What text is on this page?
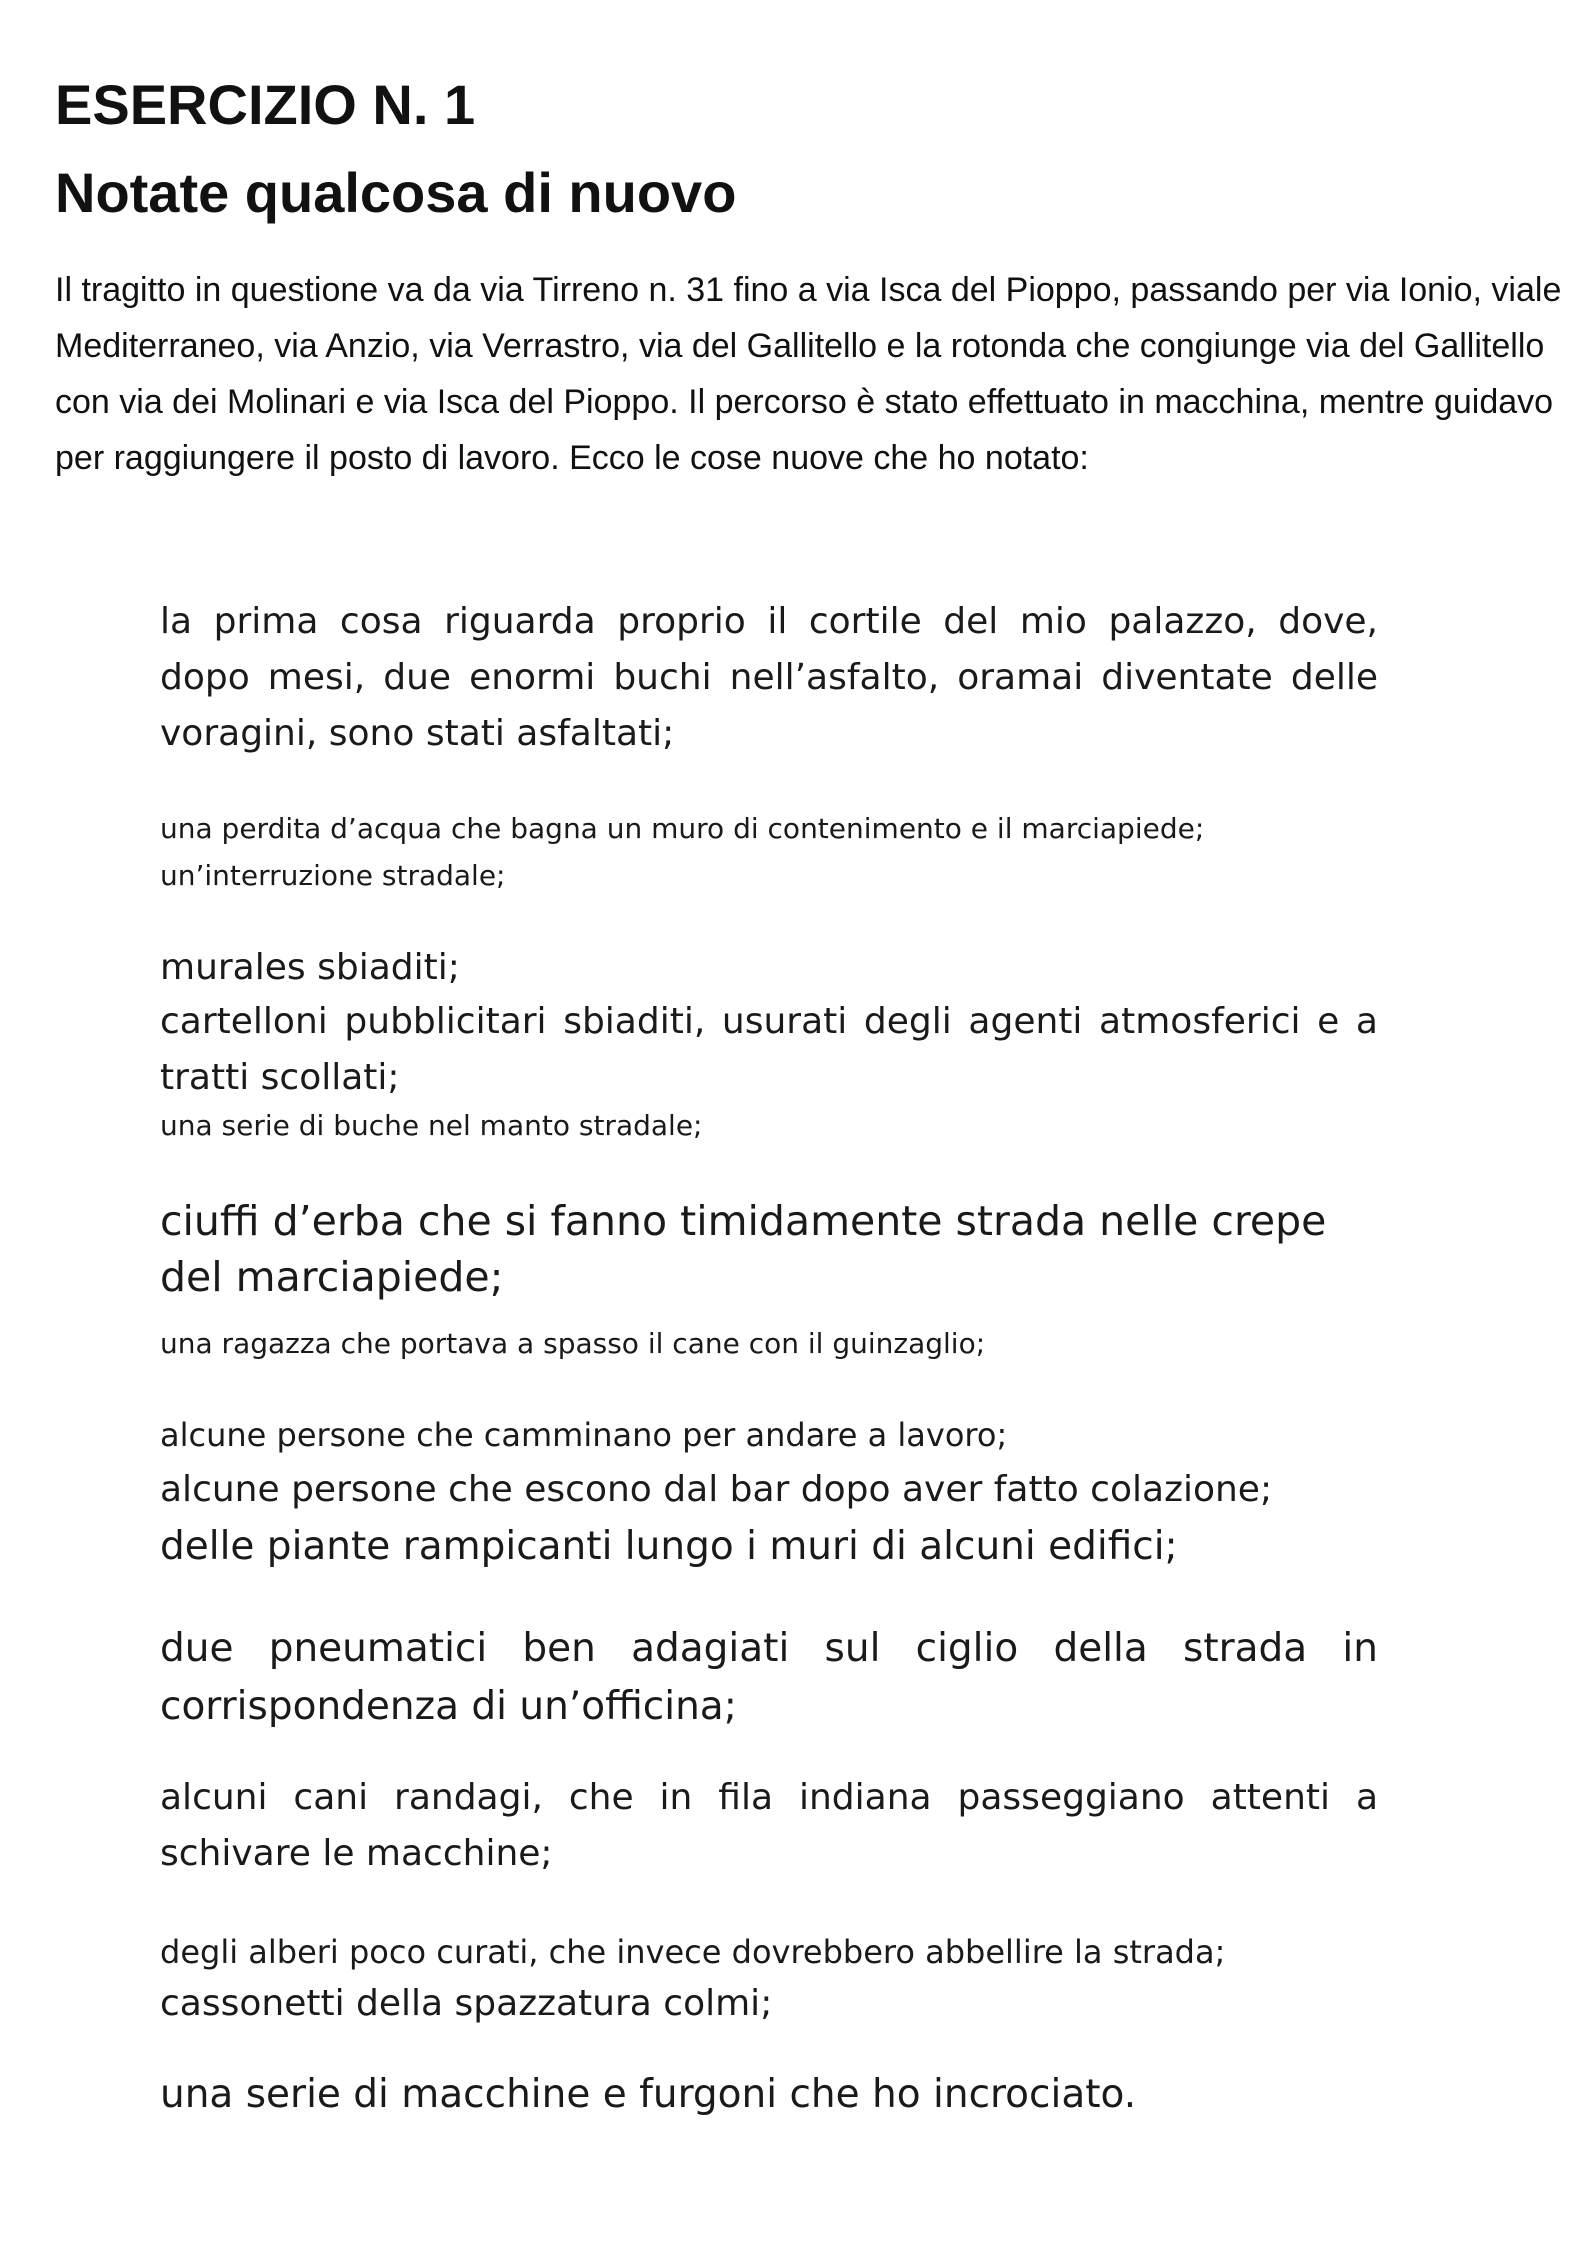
ESERCIZIO N. 1
Notate qualcosa di nuovo

Il tragitto in questione va da via Tirreno n. 31 fino a via Isca del Pioppo, passando per via Ionio, viale Mediterraneo, via Anzio, via Verrastro, via del Gallitello e la rotonda che congiunge via del Gallitello con via dei Molinari e via Isca del Pioppo. Il percorso è stato effettuato in macchina, mentre guidavo per raggiungere il posto di lavoro. Ecco le cose nuove che ho notato:

la prima cosa riguarda proprio il cortile del mio palazzo, dove, dopo mesi, due enormi buchi nell’asfalto, oramai diventate delle voragini, sono stati asfaltati;

una perdita d’acqua che bagna un muro di contenimento e il marciapiede;

un’interruzione stradale;

murales sbiaditi;

cartelloni pubblicitari sbiaditi, usurati degli agenti atmosferici e a tratti scollati;

una serie di buche nel manto stradale;

ciuffi d’erba che si fanno timidamente strada nelle crepe del marciapiede;

una ragazza che portava a spasso il cane con il guinzaglio;

alcune persone che camminano per andare a lavoro;

alcune persone che escono dal bar dopo aver fatto colazione;

delle piante rampicanti lungo i muri di alcuni edifici;

due pneumatici ben adagiati sul ciglio della strada in corrispondenza di un’officina;

alcuni cani randagi, che in fila indiana passeggiano attenti a schivare le macchine;

degli alberi poco curati, che invece dovrebbero abbellire la strada;

cassonetti della spazzatura colmi;

una serie di macchine e furgoni che ho incrociato.
